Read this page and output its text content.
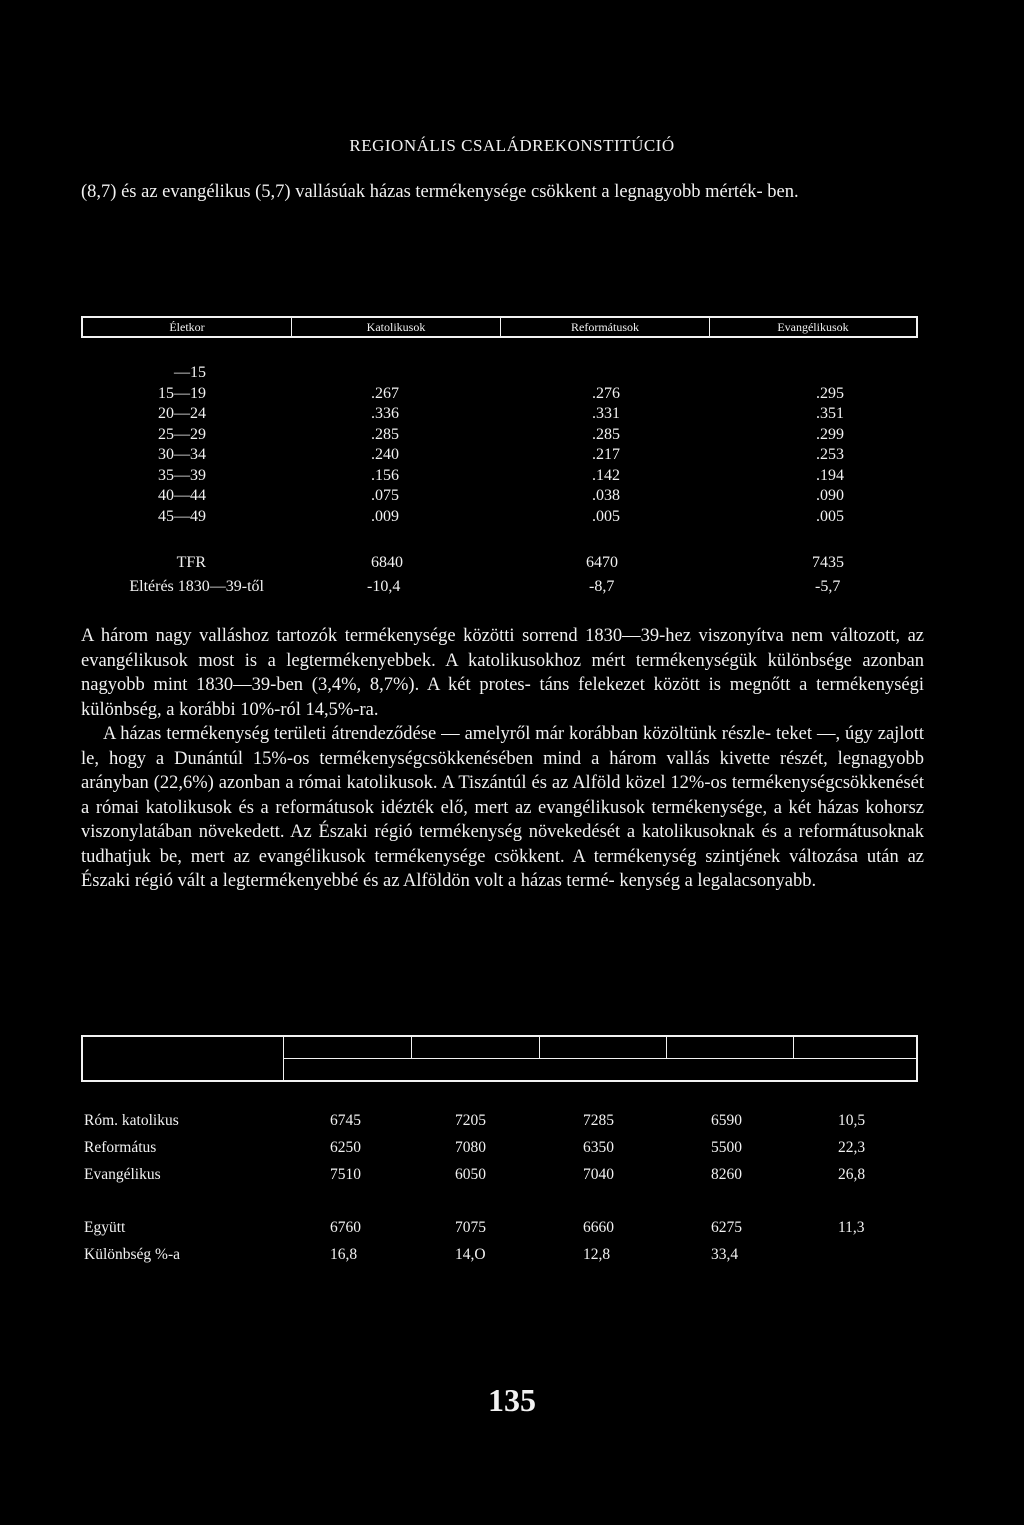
REGIONÁLIS CSALÁDREKONSTITÚCIÓ

(8,7) és az evangélikus (5,7) vallásúak házas termékenysége csökkent a legnagyobb mérték- ben.

Életkor	Katolikusok	Reformátusok	Evangélikusok
—15
15—19	.267	.276	.295
20—24	.336	.331	.351
25—29	.285	.285	.299
30—34	.240	.217	.253
35—39	.156	.142	.194
40—44	.075	.038	.090
45—49	.009	.005	.005
TFR	6840	6470	7435
Eltérés 1830—39-től	-10,4	-8,7	-5,7

A három nagy valláshoz tartozók termékenysége közötti sorrend 1830—39-hez viszonyítva nem változott, az evangélikusok most is a legtermékenyebbek. A katolikusokhoz mért termékenységük különbsége azonban nagyobb mint 1830—39-ben (3,4%, 8,7%). A két protes- táns felekezet között is megnőtt a termékenységi különbség, a korábbi 10%-ról 14,5%-ra.

A házas termékenység területi átrendeződése — amelyről már korábban közöltünk részle- teket —, úgy zajlott le, hogy a Dunántúl 15%-os termékenységcsökkenésében mind a három vallás kivette részét, legnagyobb arányban (22,6%) azonban a római katolikusok. A Tiszántúl és az Alföld közel 12%-os termékenységcsökkenését a római katolikusok és a reformátusok idézték elő, mert az evangélikusok termékenysége, a két házas kohorsz viszonylatában növekedett. Az Északi régió termékenység növekedését a katolikusoknak és a reformátusoknak tudhatjuk be, mert az evangélikusok termékenysége csökkent. A termékenység szintjének változása után az Északi régió vált a legtermékenyebbé és az Alföldön volt a házas termé- kenység a legalacsonyabb.

Róm. katolikus	6745	7205	7285	6590	10,5
Református	6250	7080	6350	5500	22,3
Evangélikus	7510	6050	7040	8260	26,8
Együtt	6760	7075	6660	6275	11,3
Különbség %-a	16,8	14,O	12,8	33,4
135
